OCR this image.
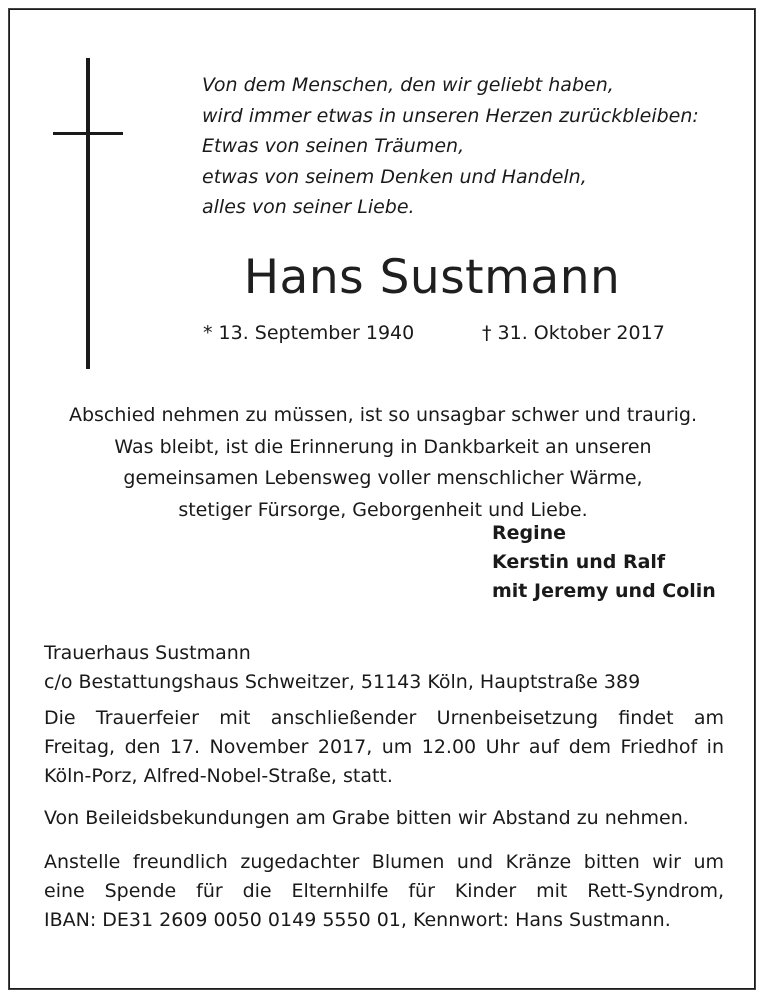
Von dem Menschen, den wir geliebt haben,
wird immer etwas in unseren Herzen zurückbleiben:
Etwas von seinen Träumen,
etwas von seinem Denken und Handeln,
alles von seiner Liebe.
Hans Sustmann
* 13. September 1940	† 31. Oktober 2017
Abschied nehmen zu müssen, ist so unsagbar schwer und traurig.
Was bleibt, ist die Erinnerung in Dankbarkeit an unseren
gemeinsamen Lebensweg voller menschlicher Wärme,
stetiger Fürsorge, Geborgenheit und Liebe.
Regine
Kerstin und Ralf
mit Jeremy und Colin
Trauerhaus Sustmann
c/o Bestattungshaus Schweitzer, 51143 Köln, Hauptstraße 389
Die Trauerfeier mit anschließender Urnenbeisetzung findet am
Freitag, den 17. November 2017, um 12.00 Uhr auf dem Friedhof in
Köln-Porz, Alfred-Nobel-Straße, statt.
Von Beileidsbekundungen am Grabe bitten wir Abstand zu nehmen.
Anstelle freundlich zugedachter Blumen und Kränze bitten wir um
eine Spende für die Elternhilfe für Kinder mit Rett-Syndrom,
IBAN: DE31 2609 0050 0149 5550 01, Kennwort: Hans Sustmann.
